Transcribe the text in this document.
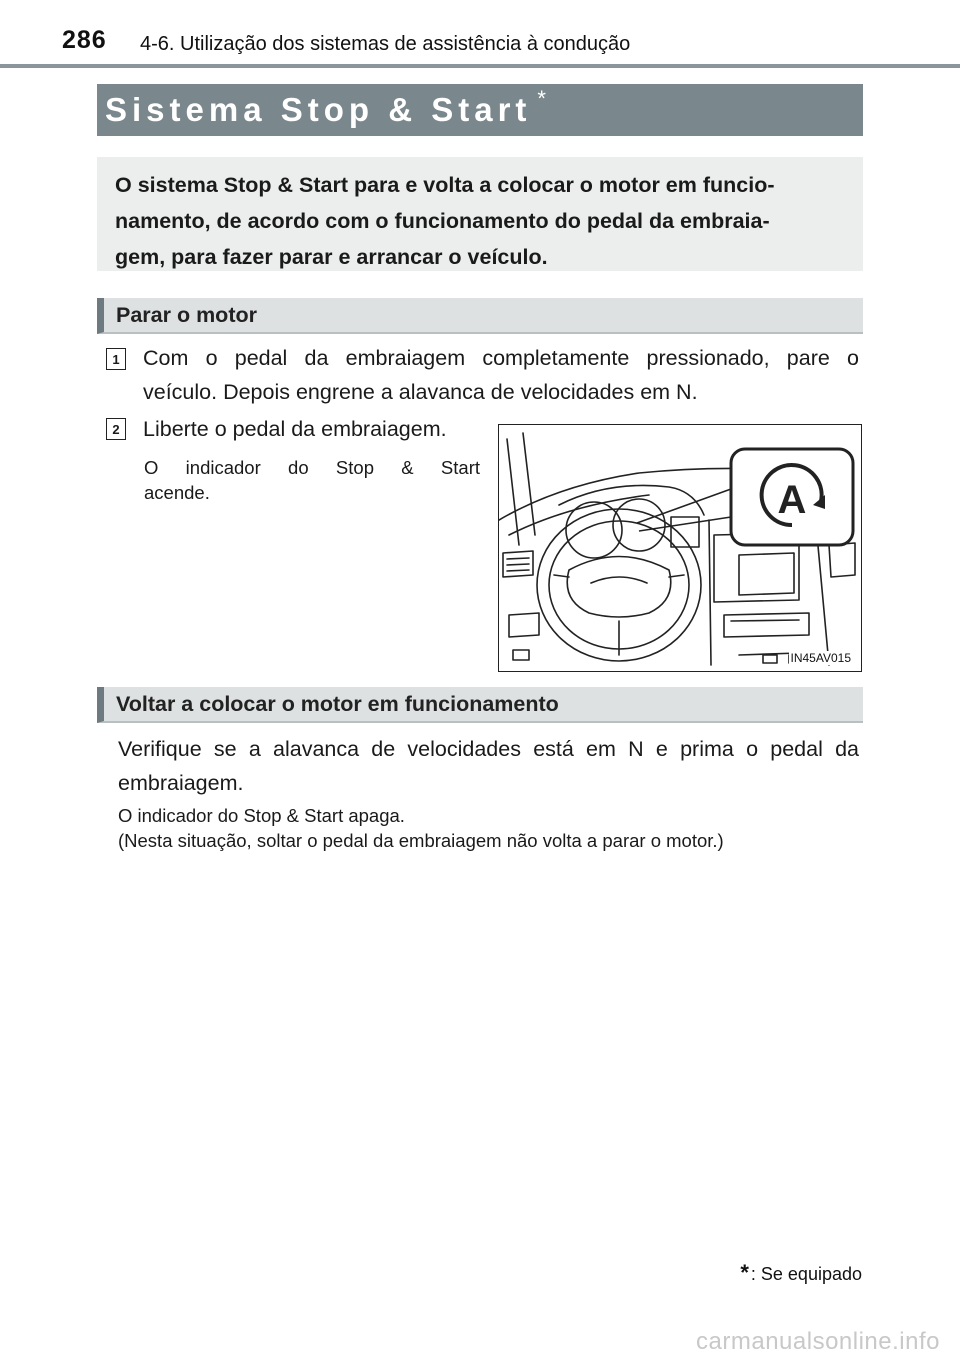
286 4-6. Utilização dos sistemas de assistência à condução
Sistema Stop & Start *
O sistema Stop & Start para e volta a colocar o motor em funcio-
namento, de acordo com o funcionamento do pedal da embraia-
gem, para fazer parar e arrancar o veículo.
Parar o motor
1 Com o pedal da embraiagem completamente pressionado, pare o
veículo. Depois engrene a alavanca de velocidades em N.
2 Liberte o pedal da embraiagem.
O indicador do Stop & Start
acende.	A
IN45AV015
Voltar a colocar o motor em funcionamento
Verifique se a alavanca de velocidades está em N e prima o pedal da
embraiagem.
O indicador do Stop & Start apaga.
(Nesta situação, soltar o pedal da embraiagem não volta a parar o motor.)
* : Se equipado
carmanualsonline.info
